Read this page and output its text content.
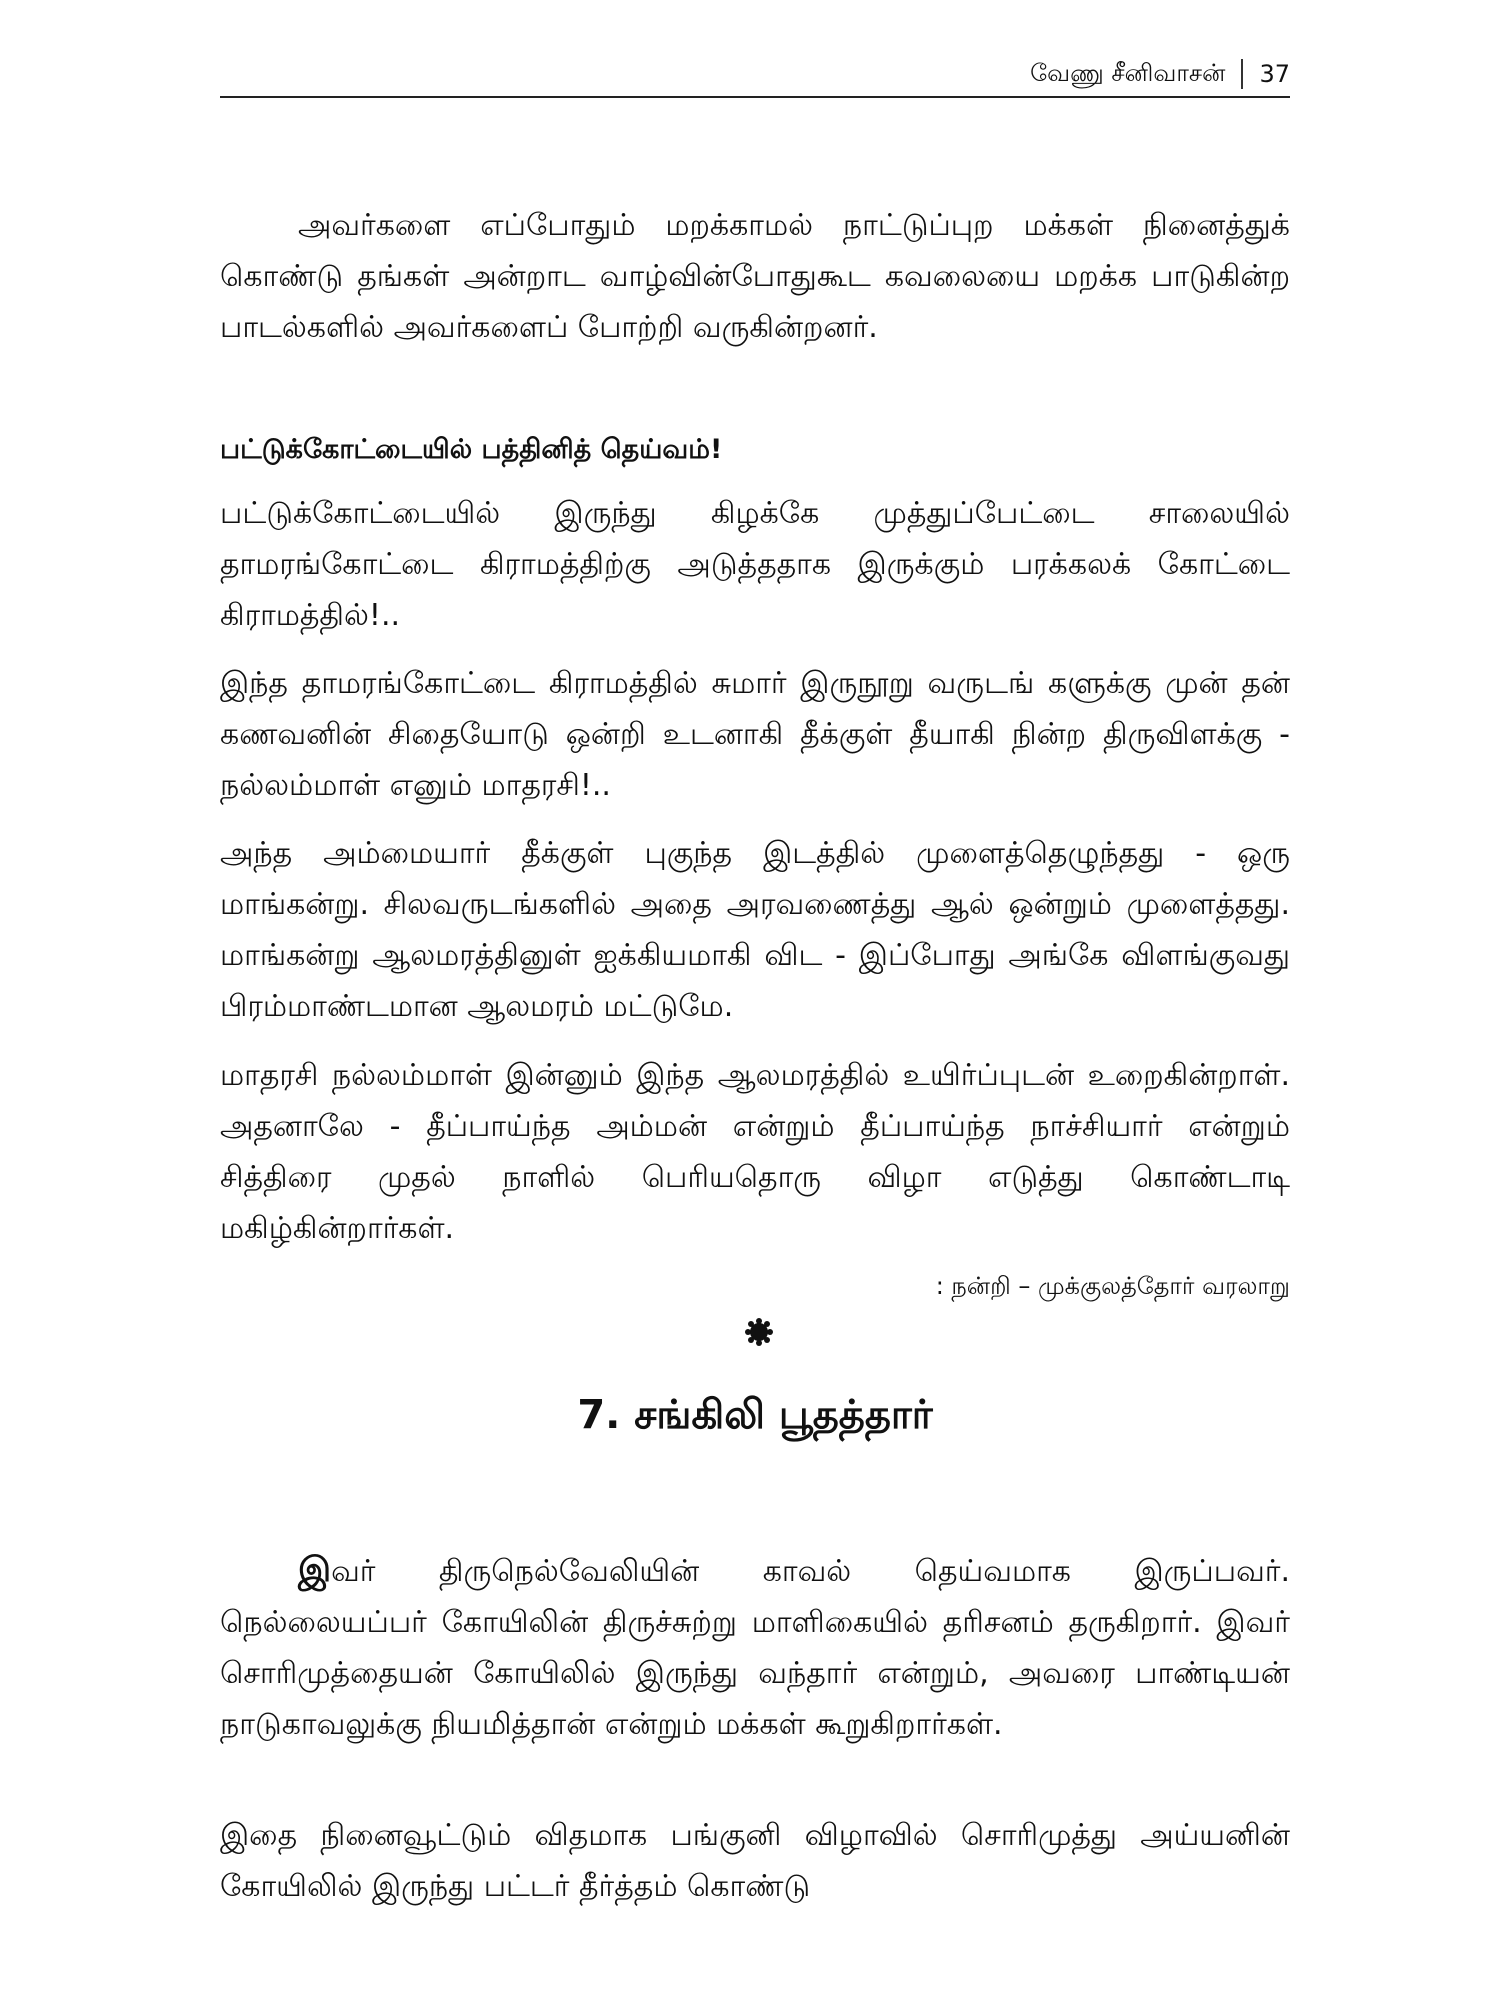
வேணு சீனிவாசன் 37

அவர்களை எப்போதும் மறக்காமல் நாட்டுப்புற மக்கள் நினைத்துக் கொண்டு தங்கள் அன்றாட வாழ்வின்போதுகூட கவலையை மறக்க பாடுகின்ற பாடல்களில் அவர்களைப் போற்றி வருகின்றனர்.

பட்டுக்கோட்டையில் பத்தினித் தெய்வம்!

பட்டுக்கோட்டையில் இருந்து கிழக்கே முத்துப்பேட்டை சாலையில் தாமரங்கோட்டை கிராமத்திற்கு அடுத்ததாக இருக்கும் பரக்கலக் கோட்டை கிராமத்தில்!..

இந்த தாமரங்கோட்டை கிராமத்தில் சுமார் இருநூறு வருடங் களுக்கு முன் தன் கணவனின் சிதையோடு ஒன்றி உடனாகி தீக்குள் தீயாகி நின்ற திருவிளக்கு - நல்லம்மாள் எனும் மாதரசி!..

அந்த அம்மையார் தீக்குள் புகுந்த இடத்தில் முளைத்தெழுந்தது - ஒரு மாங்கன்று. சிலவருடங்களில் அதை அரவணைத்து ஆல் ஒன்றும் முளைத்தது. மாங்கன்று ஆலமரத்தினுள் ஐக்கியமாகி விட - இப்போது அங்கே விளங்குவது பிரம்மாண்டமான ஆலமரம் மட்டுமே.

மாதரசி நல்லம்மாள் இன்னும் இந்த ஆலமரத்தில் உயிர்ப்புடன் உறைகின்றாள். அதனாலே - தீப்பாய்ந்த அம்மன் என்றும் தீப்பாய்ந்த நாச்சியார் என்றும் சித்திரை முதல் நாளில் பெரியதொரு விழா எடுத்து கொண்டாடி மகிழ்கின்றார்கள்.

: நன்றி – முக்குலத்தோர் வரலாறு

7. சங்கிலி பூதத்தார்

இவர் திருநெல்வேலியின் காவல் தெய்வமாக இருப்பவர். நெல்லையப்பர் கோயிலின் திருச்சுற்று மாளிகையில் தரிசனம் தருகிறார். இவர் சொரிமுத்தையன் கோயிலில் இருந்து வந்தார் என்றும், அவரை பாண்டியன் நாடுகாவலுக்கு நியமித்தான் என்றும் மக்கள் கூறுகிறார்கள்.

இதை நினைவூட்டும் விதமாக பங்குனி விழாவில் சொரிமுத்து அய்யனின் கோயிலில் இருந்து பட்டர் தீர்த்தம் கொண்டு
